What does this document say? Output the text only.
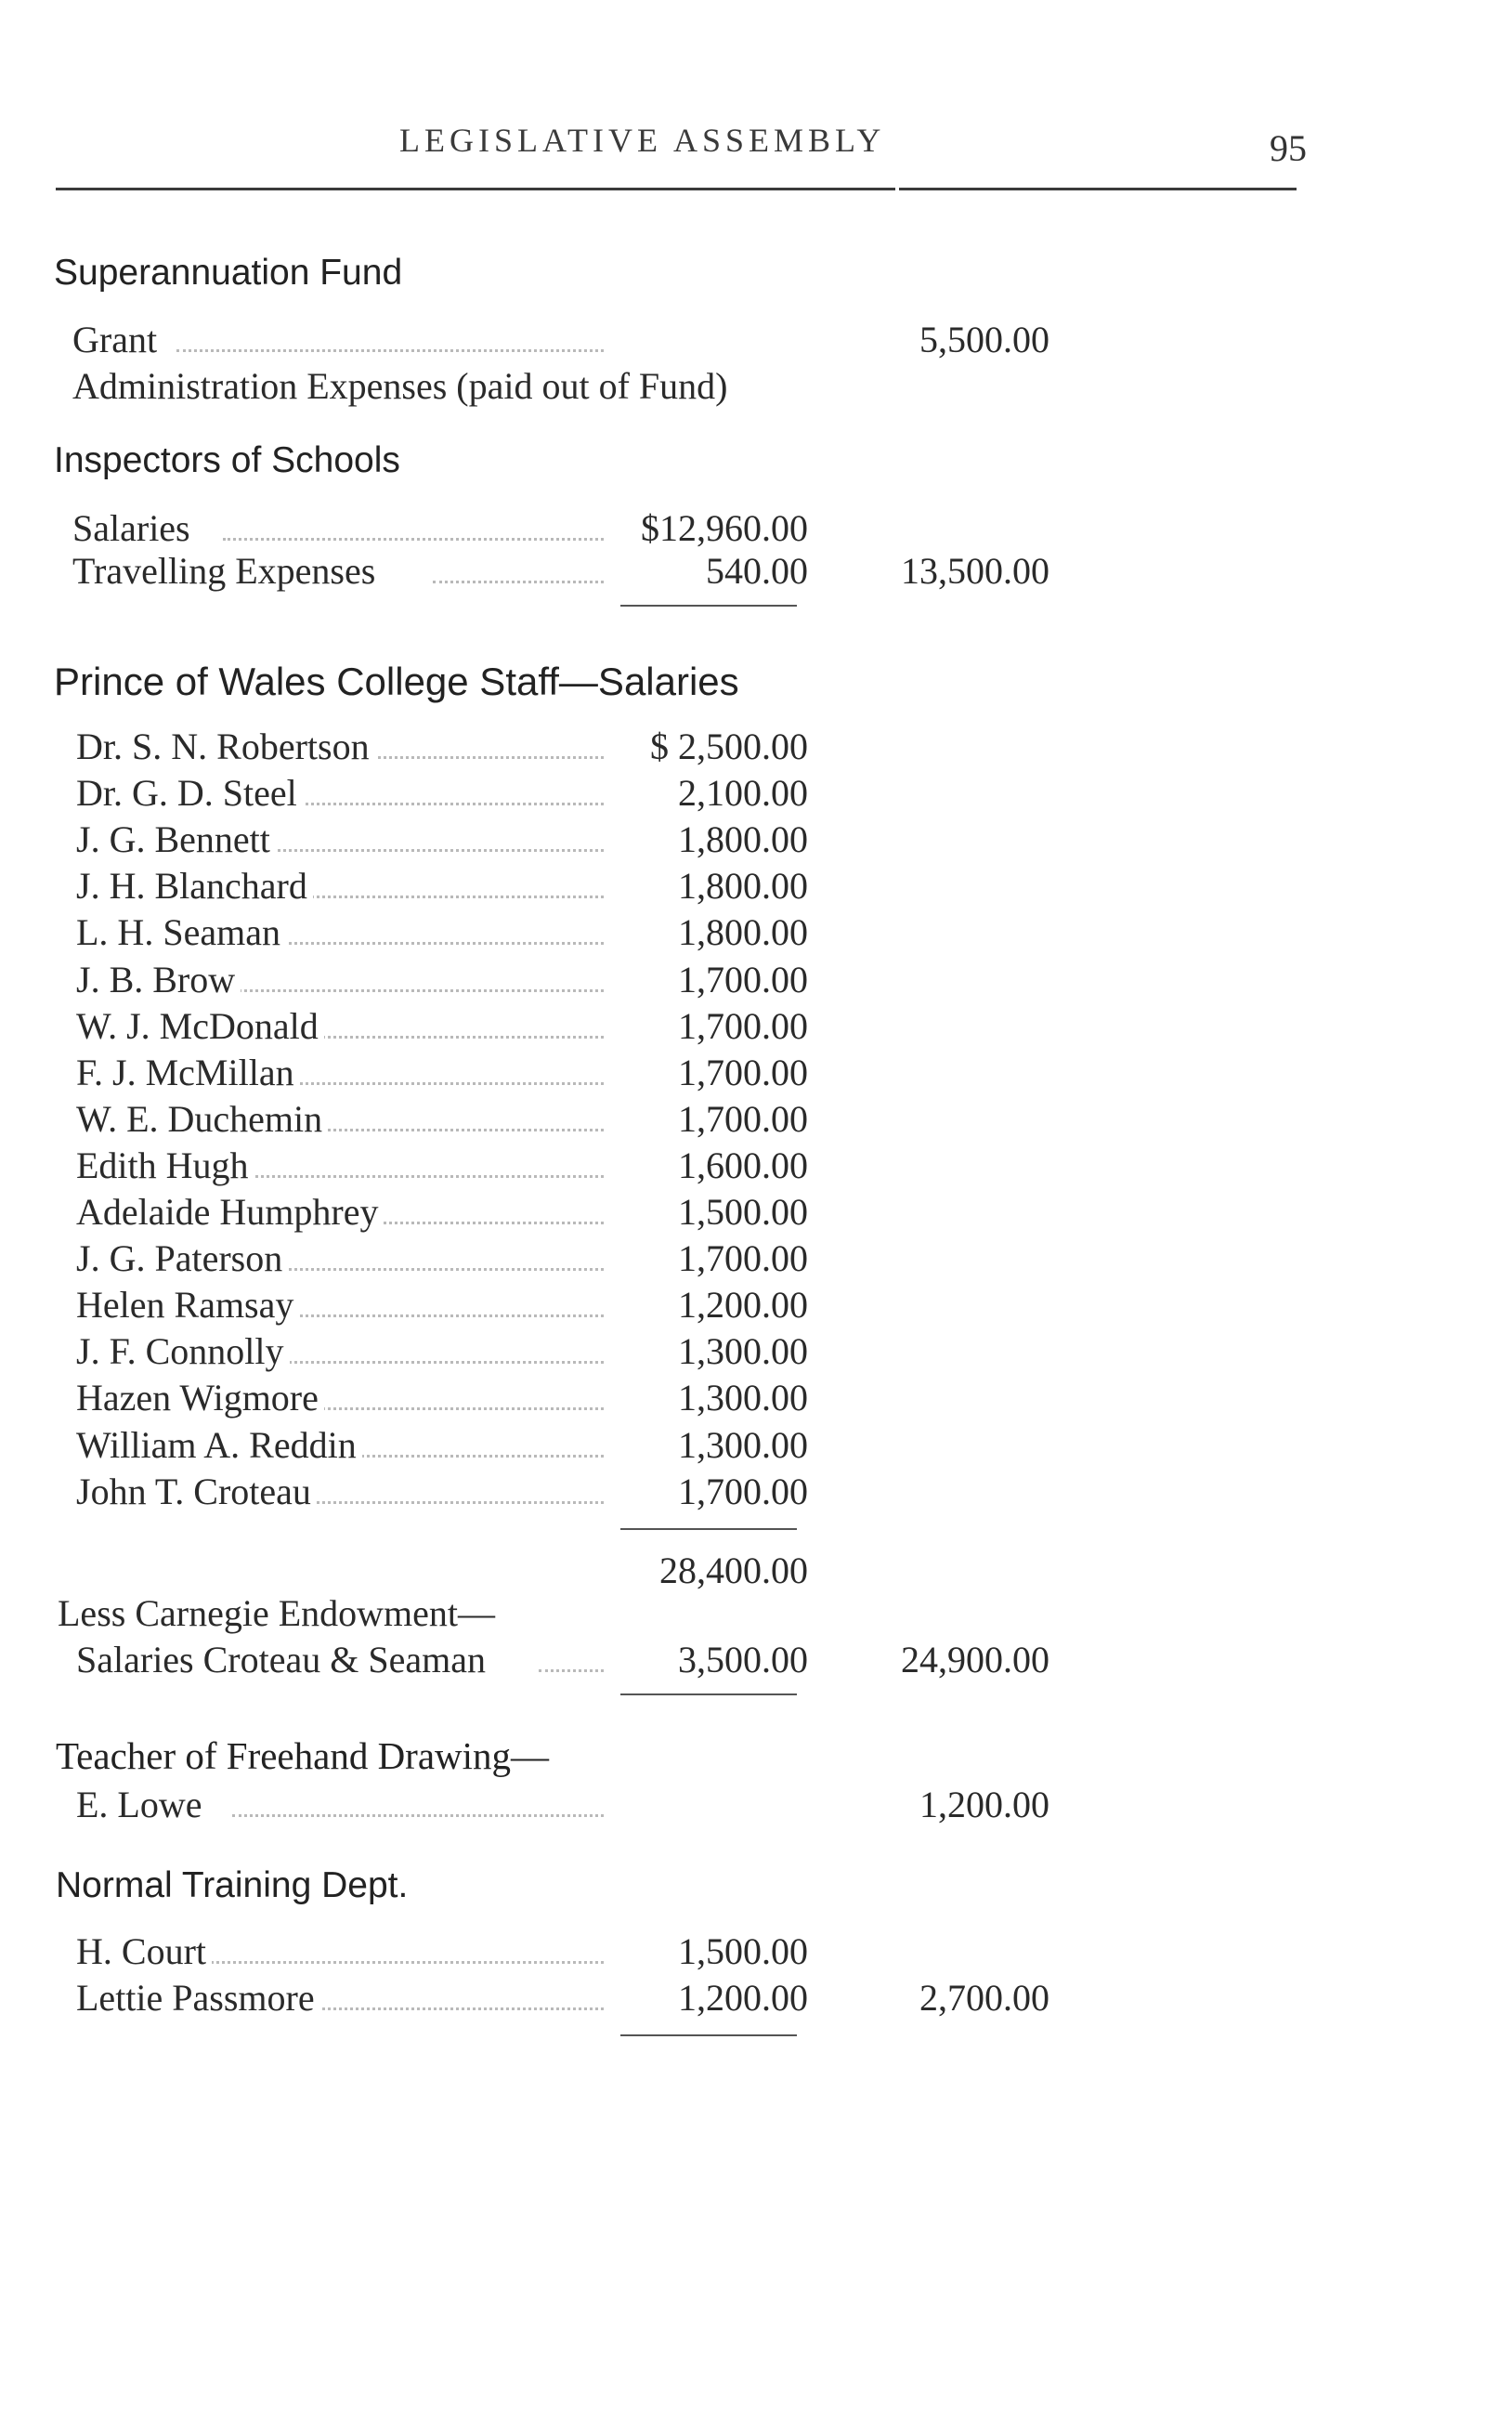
LEGISLATIVE ASSEMBLY	95
Superannuation Fund
Grant	5,500.00
Administration Expenses (paid out of Fund)
Inspectors of Schools
Salaries	$12,960.00
Travelling Expenses	540.00	13,500.00
Prince of Wales College Staff—Salaries
Dr. S. N. Robertson	$ 2,500.00
Dr. G. D. Steel	2,100.00
J. G. Bennett	1,800.00
J. H. Blanchard	1,800.00
L. H. Seaman	1,800.00
J. B. Brow	1,700.00
W. J. McDonald	1,700.00
F. J. McMillan	1,700.00
W. E. Duchemin	1,700.00
Edith Hugh	1,600.00
Adelaide Humphrey	1,500.00
J. G. Paterson	1,700.00
Helen Ramsay	1,200.00
J. F. Connolly	1,300.00
Hazen Wigmore	1,300.00
William A. Reddin	1,300.00
John T. Croteau	1,700.00
28,400.00
Less Carnegie Endowment—
Salaries Croteau & Seaman	3,500.00	24,900.00
Teacher of Freehand Drawing—
E. Lowe	1,200.00
Normal Training Dept.
H. Court	1,500.00
Lettie Passmore	1,200.00	2,700.00
